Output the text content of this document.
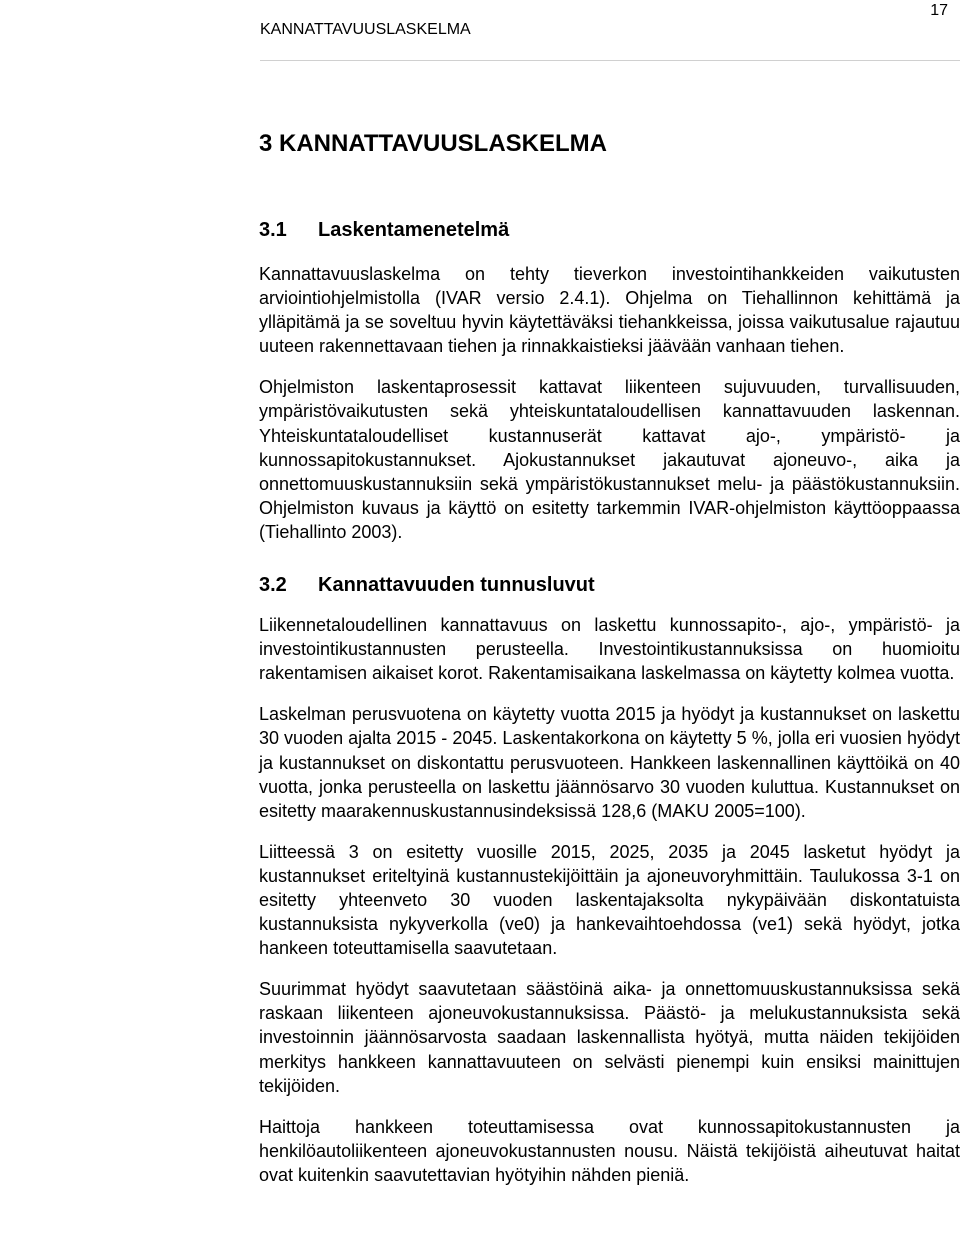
KANNATTAVUUSLASKELMA
17
3 KANNATTAVUUSLASKELMA
3.1 Laskentamenetelmä

Kannattavuuslaskelma on tehty tieverkon investointihankkeiden vaikutusten arviointiohjelmistolla (IVAR versio 2.4.1). Ohjelma on Tiehallinnon kehittämä ja ylläpitämä ja se soveltuu hyvin käytettäväksi tiehankkeissa, joissa vaikutusalue rajautuu uuteen rakennettavaan tiehen ja rinnakkaistieksi jäävään vanhaan tiehen.

Ohjelmiston laskentaprosessit kattavat liikenteen sujuvuuden, turvallisuuden, ympäristövaikutusten sekä yhteiskuntataloudellisen kannattavuuden laskennan. Yhteiskuntataloudelliset kustannuserät kattavat ajo-, ympäristö- ja kunnossapitokustannukset. Ajokustannukset jakautuvat ajoneuvo-, aika ja onnettomuuskustannuksiin sekä ympäristökustannukset melu- ja päästökustannuksiin. Ohjelmiston kuvaus ja käyttö on esitetty tarkemmin IVAR-ohjelmiston käyttöoppaassa (Tiehallinto 2003).

3.2 Kannattavuuden tunnusluvut

Liikennetaloudellinen kannattavuus on laskettu kunnossapito-, ajo-, ympäristö- ja investointikustannusten perusteella. Investointikustannuksissa on huomioitu rakentamisen aikaiset korot. Rakentamisaikana laskelmassa on käytetty kolmea vuotta.

Laskelman perusvuotena on käytetty vuotta 2015 ja hyödyt ja kustannukset on laskettu 30 vuoden ajalta 2015 - 2045. Laskentakorkona on käytetty 5 %, jolla eri vuosien hyödyt ja kustannukset on diskontattu perusvuoteen. Hankkeen laskennallinen käyttöikä on 40 vuotta, jonka perusteella on laskettu jäännösarvo 30 vuoden kuluttua. Kustannukset on esitetty maarakennuskustannusindeksissä 128,6 (MAKU 2005=100).

Liitteessä 3 on esitetty vuosille 2015, 2025, 2035 ja 2045 lasketut hyödyt ja kustannukset eriteltyinä kustannustekijöittäin ja ajoneuvoryhmittäin. Taulukossa 3-1 on esitetty yhteenveto 30 vuoden laskentajaksolta nykypäivään diskontatuista kustannuksista nykyverkolla (ve0) ja hankevaihtoehdossa (ve1) sekä hyödyt, jotka hankeen toteuttamisella saavutetaan.

Suurimmat hyödyt saavutetaan säästöinä aika- ja onnettomuuskustannuksissa sekä raskaan liikenteen ajoneuvokustannuksissa. Päästö- ja melukustannuksista sekä investoinnin jäännösarvosta saadaan laskennallista hyötyä, mutta näiden tekijöiden merkitys hankkeen kannattavuuteen on selvästi pienempi kuin ensiksi mainittujen tekijöiden.

Haittoja hankkeen toteuttamisessa ovat kunnossapitokustannusten ja henkilöautoliikenteen ajoneuvokustannusten nousu. Näistä tekijöistä aiheutuvat haitat ovat kuitenkin saavutettavian hyötyihin nähden pieniä.
